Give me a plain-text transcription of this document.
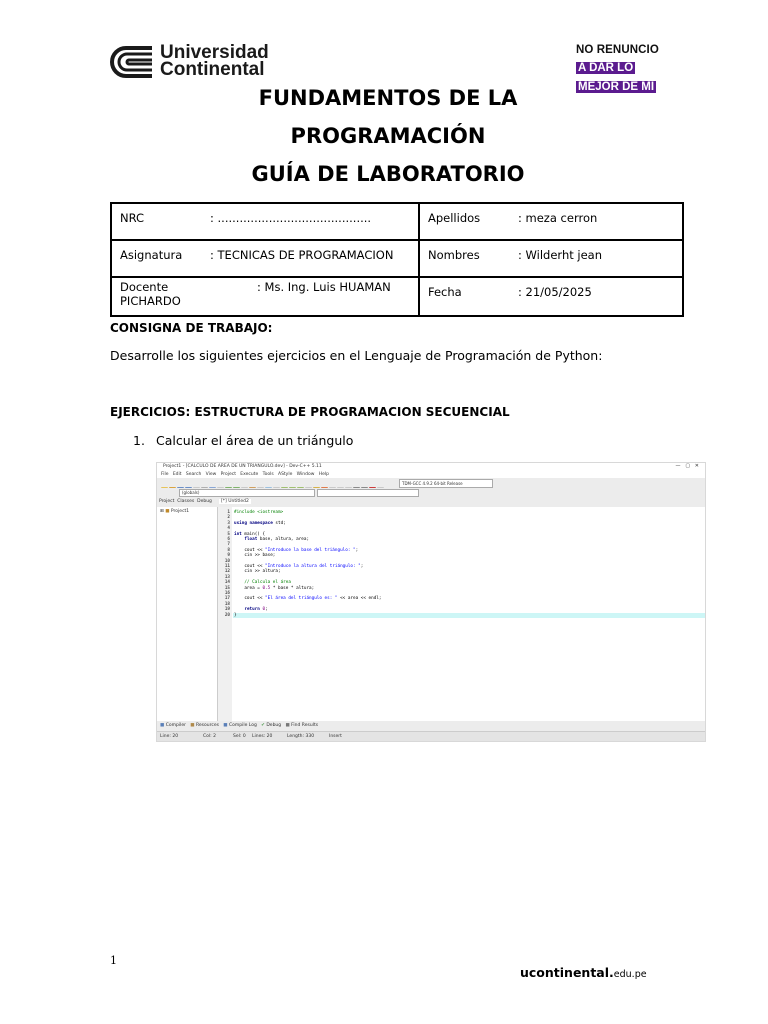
Universidad
Continental
NO RENUNCIO
A DAR LO
MEJOR DE MÍ
FUNDAMENTOS DE LA
PROGRAMACIÓN
GUÍA DE LABORATORIO
NRC : ..........................................	Apellidos : meza cerron
Asignatura : TECNICAS DE PROGRAMACION	Nombres : Wilderht jean
Docente : Ms. Ing. Luis HUAMAN
PICHARDO	Fecha : 21/05/2025
CONSIGNA DE TRABAJO:
Desarrolle los siguientes ejercicios en el Lenguaje de Programación de Python:
EJERCICIOS: ESTRUCTURA DE PROGRAMACION SECUENCIAL
1. Calcular el área de un triángulo
Project1 - [CALCULO DE AREA DE UN TRIANGULO.dev] - Dev-C++ 5.11	—   ▢   ✕
File Edit Search View Project Execute Tools AStyle Window Help
TDM-GCC 4.9.2 64-bit Release
(globals)
Project Classes Debug
⊞ ■ Project1
[*] Untitled2
1
2
3
4
5
6
7
8
9
10
11
12
13
14
15
16
17
18
19
20
#include <iostream>
using namespace std;
int main() {
float base, altura, area;
cout << "Introduce la base del triángulo: ";
cin >> base;
cout << "Introduce la altura del triángulo: ";
cin >> altura;
// Calcula el área
area = 0.5 * base * altura;
cout << "El área del triángulo es: " << area << endl;
return 0;
}
■ Compiler ■ Resources ■ Compile Log ✔ Debug ■ Find Results
Line: 20	Col: 2	Sel: 0 Lines: 20	Length: 330	Insert
1
ucontinental.edu.pe
